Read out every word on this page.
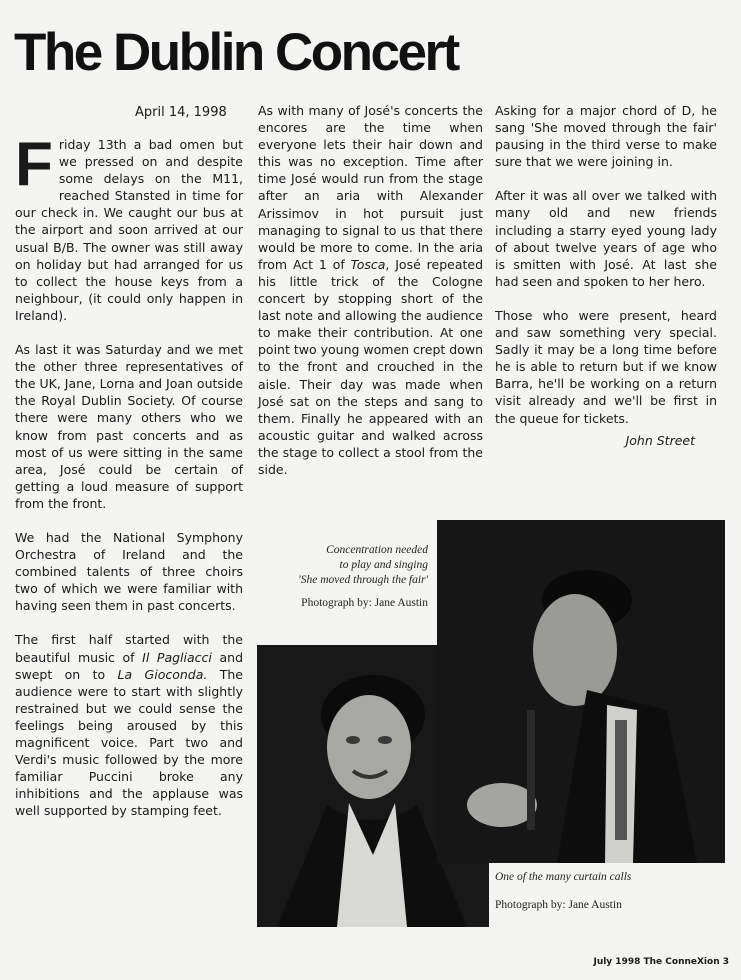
The Dublin Concert
April 14, 1998

Friday 13th a bad omen but we pressed on and despite some delays on the M11, reached Stansted in time for our check in. We caught our bus at the airport and soon arrived at our usual B/B. The owner was still away on holiday but had arranged for us to collect the house keys from a neighbour, (it could only happen in Ireland).

As last it was Saturday and we met the other three representatives of the UK, Jane, Lorna and Joan outside the Royal Dublin Society. Of course there were many others who we know from past concerts and as most of us were sitting in the same area, José could be certain of getting a loud measure of support from the front.

We had the National Symphony Orchestra of Ireland and the combined talents of three choirs two of which we were familiar with having seen them in past concerts.

The first half started with the beautiful music of Il Pagliacci and swept on to La Gioconda. The audience were to start with slightly restrained but we could sense the feelings being aroused by this magnificent voice. Part two and Verdi's music followed by the more familiar Puccini broke any inhibitions and the applause was well supported by stamping feet.

As with many of José's concerts the encores are the time when everyone lets their hair down and this was no exception. Time after time José would run from the stage after an aria with Alexander Arissimov in hot pursuit just managing to signal to us that there would be more to come. In the aria from Act 1 of Tosca, José repeated his little trick of the Cologne concert by stopping short of the last note and allowing the audience to make their contribution. At one point two young women crept down to the front and crouched in the aisle. Their day was made when José sat on the steps and sang to them. Finally he appeared with an acoustic guitar and walked across the stage to collect a stool from the side.

Asking for a major chord of D, he sang 'She moved through the fair' pausing in the third verse to make sure that we were joining in.

After it was all over we talked with many old and new friends including a starry eyed young lady of about twelve years of age who is smitten with José. At last she had seen and spoken to her hero.

Those who were present, heard and saw something very special. Sadly it may be a long time before he is able to return but if we know Barra, he'll be working on a return visit already and we'll be first in the queue for tickets.

John Street
Concentration needed
to play and singing
'She moved through the fair'
Photograph by: Jane Austin
One of the many curtain calls
Photograph by: Jane Austin
July 1998 The ConneXion 3
